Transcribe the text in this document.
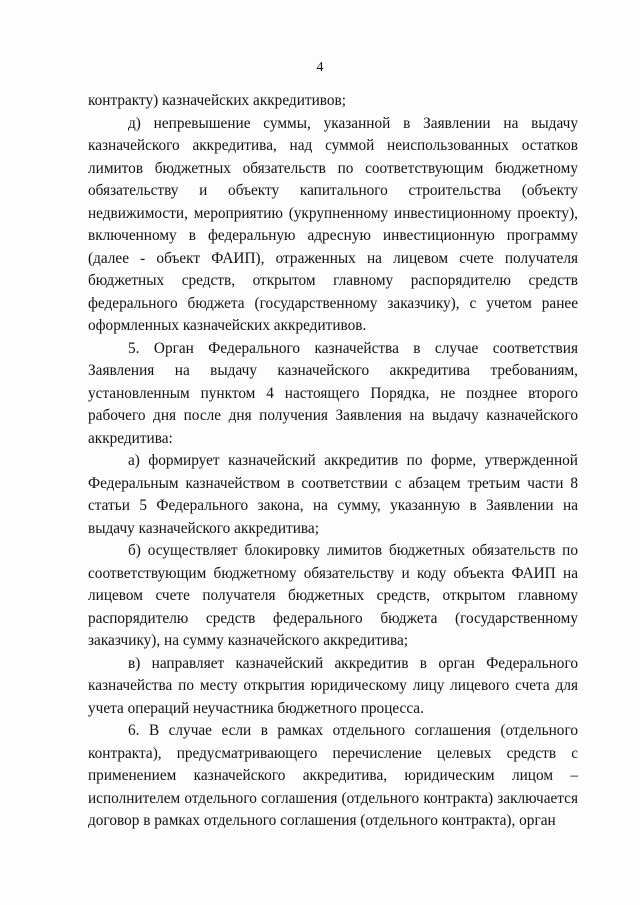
4

контракту) казначейских аккредитивов;

д) непревышение суммы, указанной в Заявлении на выдачу казначейского аккредитива, над суммой неиспользованных остатков лимитов бюджетных обязательств по соответствующим бюджетному обязательству и объекту капитального строительства (объекту недвижимости, мероприятию (укрупненному инвестиционному проекту), включенному в федеральную адресную инвестиционную программу (далее - объект ФАИП), отраженных на лицевом счете получателя бюджетных средств, открытом главному распорядителю средств федерального бюджета (государственному заказчику), с учетом ранее оформленных казначейских аккредитивов.

5. Орган Федерального казначейства в случае соответствия Заявления на выдачу казначейского аккредитива требованиям, установленным пунктом 4 настоящего Порядка, не позднее второго рабочего дня после дня получения Заявления на выдачу казначейского аккредитива:

а) формирует казначейский аккредитив по форме, утвержденной Федеральным казначейством в соответствии с абзацем третьим части 8 статьи 5 Федерального закона, на сумму, указанную в Заявлении на выдачу казначейского аккредитива;

б) осуществляет блокировку лимитов бюджетных обязательств по соответствующим бюджетному обязательству и коду объекта ФАИП на лицевом счете получателя бюджетных средств, открытом главному распорядителю средств федерального бюджета (государственному заказчику), на сумму казначейского аккредитива;

в) направляет казначейский аккредитив в орган Федерального казначейства по месту открытия юридическому лицу лицевого счета для учета операций неучастника бюджетного процесса.

6. В случае если в рамках отдельного соглашения (отдельного контракта), предусматривающего перечисление целевых средств с применением казначейского аккредитива, юридическим лицом – исполнителем отдельного соглашения (отдельного контракта) заключается договор в рамках отдельного соглашения (отдельного контракта), орган
